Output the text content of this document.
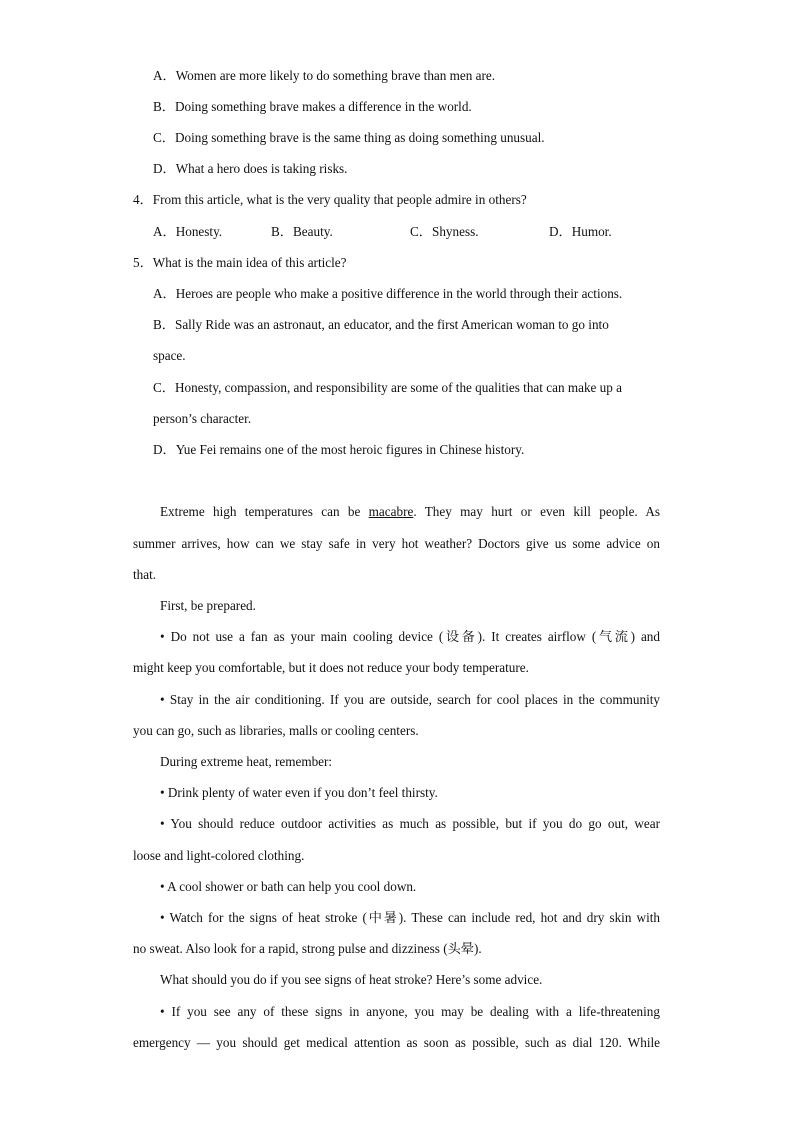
A．Women are more likely to do something brave than men are.
B．Doing something brave makes a difference in the world.
C．Doing something brave is the same thing as doing something unusual.
D．What a hero does is taking risks.
4．From this article, what is the very quality that people admire in others?
A．Honesty.	B．Beauty.	C．Shyness.	D．Humor.
5．What is the main idea of this article?
A．Heroes are people who make a positive difference in the world through their actions.
B．Sally Ride was an astronaut, an educator, and the first American woman to go into
space.
C．Honesty, compassion, and responsibility are some of the qualities that can make up a
person’s character.
D．Yue Fei remains one of the most heroic figures in Chinese history.
Extreme high temperatures can be macabre. They may hurt or even kill people. As
summer arrives, how can we stay safe in very hot weather? Doctors give us some advice on
that.
First, be prepared.
• Do not use a fan as your main cooling device (设备). It creates airflow (气流) and
might keep you comfortable, but it does not reduce your body temperature.
• Stay in the air conditioning. If you are outside, search for cool places in the community
you can go, such as libraries, malls or cooling centers.
During extreme heat, remember:
• Drink plenty of water even if you don’t feel thirsty.
• You should reduce outdoor activities as much as possible, but if you do go out, wear
loose and light-colored clothing.
• A cool shower or bath can help you cool down.
• Watch for the signs of heat stroke (中暑). These can include red, hot and dry skin with
no sweat. Also look for a rapid, strong pulse and dizziness (头晕).
What should you do if you see signs of heat stroke? Here’s some advice.
• If you see any of these signs in anyone, you may be dealing with a life-threatening
emergency — you should get medical attention as soon as possible, such as dial 120. While
